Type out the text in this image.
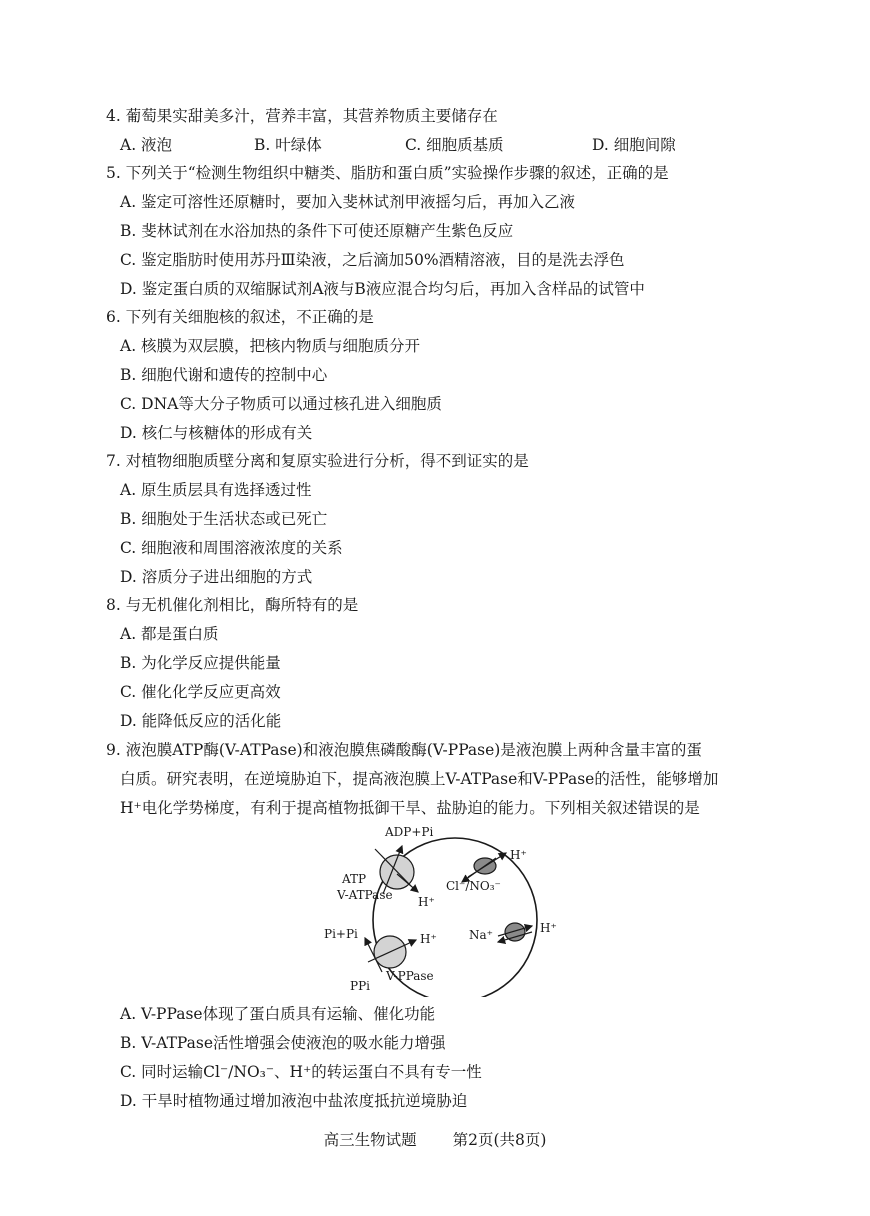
4. 葡萄果实甜美多汁，营养丰富，其营养物质主要储存在
A. 液泡	B. 叶绿体	C. 细胞质基质	D. 细胞间隙
5. 下列关于“检测生物组织中糖类、脂肪和蛋白质”实验操作步骤的叙述，正确的是
A. 鉴定可溶性还原糖时，要加入斐林试剂甲液摇匀后，再加入乙液
B. 斐林试剂在水浴加热的条件下可使还原糖产生紫色反应
C. 鉴定脂肪时使用苏丹Ⅲ染液，之后滴加50%酒精溶液，目的是洗去浮色
D. 鉴定蛋白质的双缩脲试剂A液与B液应混合均匀后，再加入含样品的试管中
6. 下列有关细胞核的叙述，不正确的是
A. 核膜为双层膜，把核内物质与细胞质分开
B. 细胞代谢和遗传的控制中心
C. DNA等大分子物质可以通过核孔进入细胞质
D. 核仁与核糖体的形成有关
7. 对植物细胞质壁分离和复原实验进行分析，得不到证实的是
A. 原生质层具有选择透过性
B. 细胞处于生活状态或已死亡
C. 细胞液和周围溶液浓度的关系
D. 溶质分子进出细胞的方式
8. 与无机催化剂相比，酶所特有的是
A. 都是蛋白质
B. 为化学反应提供能量
C. 催化化学反应更高效
D. 能降低反应的活化能
9. 液泡膜ATP酶(V-ATPase)和液泡膜焦磷酸酶(V-PPase)是液泡膜上两种含量丰富的蛋
白质。研究表明，在逆境胁迫下，提高液泡膜上V-ATPase和V-PPase的活性，能够增加
H⁺电化学势梯度，有利于提高植物抵御干旱、盐胁迫的能力。下列相关叙述错误的是
ADP+Pi
ATP
V-ATPase H⁺
H⁺
Cl⁻/NO₃⁻
Na⁺	H⁺
Pi+Pi	H⁺
PPi
V-PPase
A. V-PPase体现了蛋白质具有运输、催化功能
B. V-ATPase活性增强会使液泡的吸水能力增强
C. 同时运输Cl⁻/NO₃⁻、H⁺的转运蛋白不具有专一性
D. 干旱时植物通过增加液泡中盐浓度抵抗逆境胁迫
高三生物试题 第2页(共8页)
